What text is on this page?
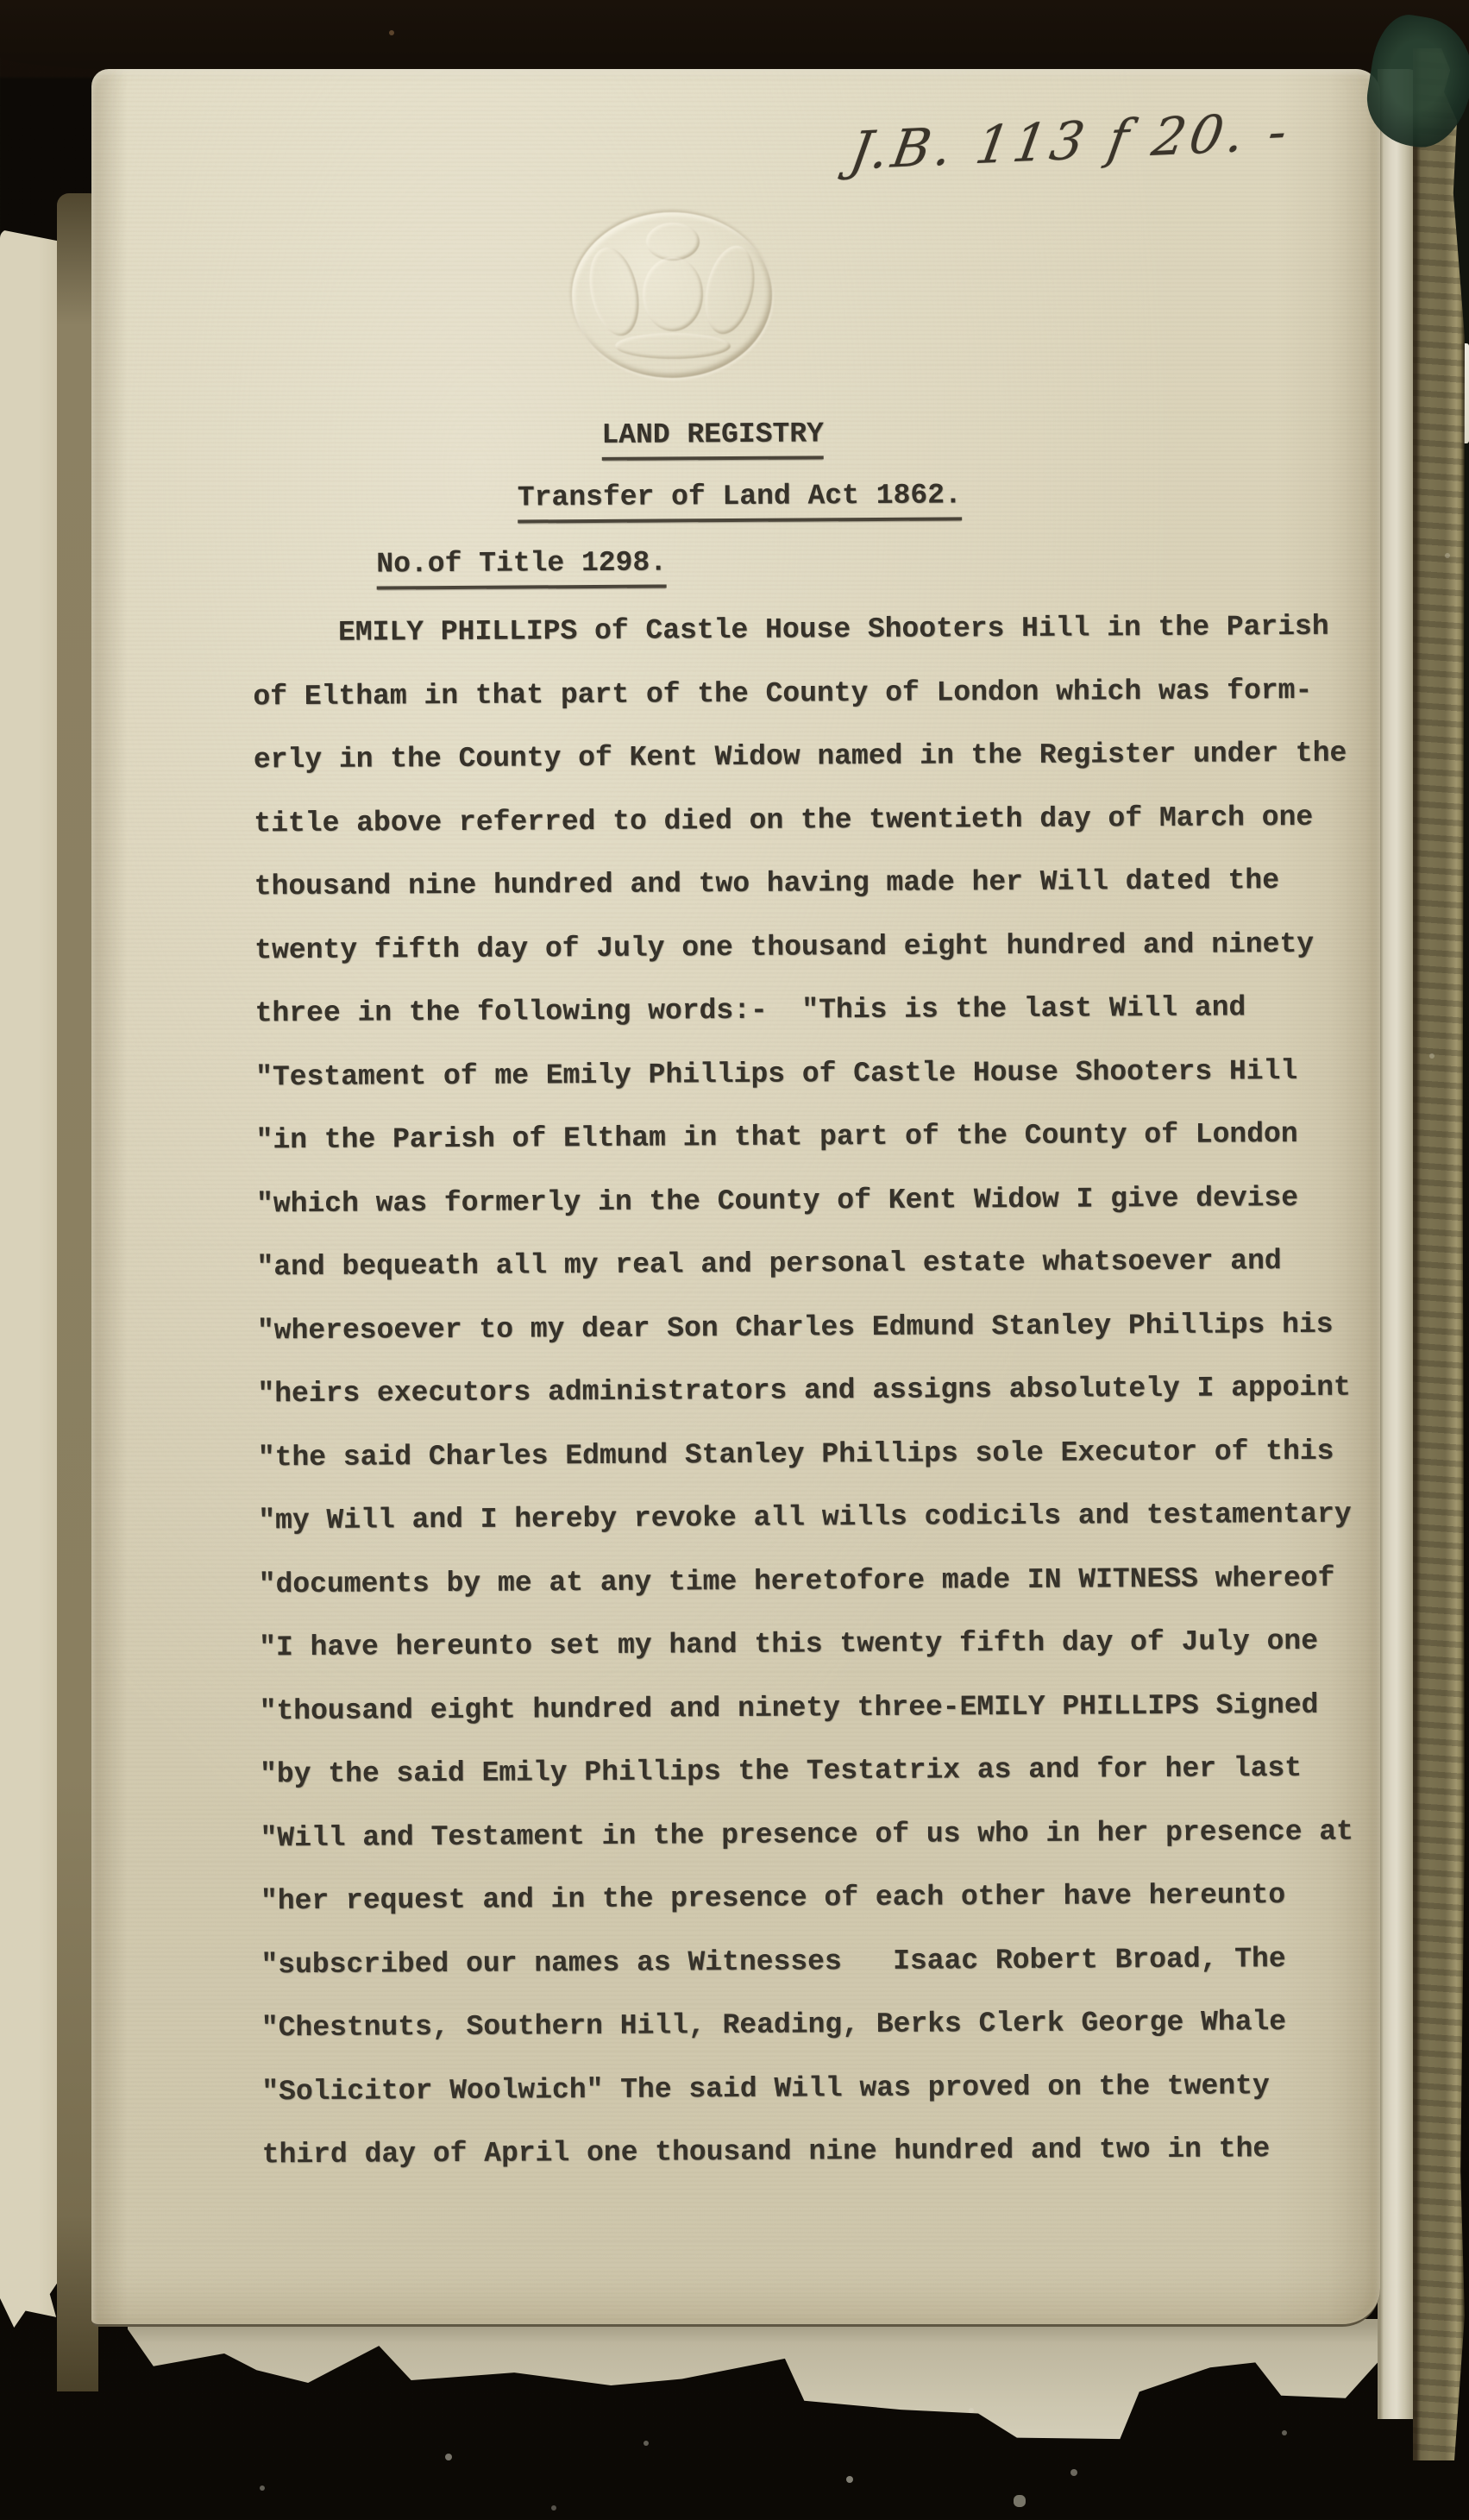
J.B. 113 f 20. -

LAND REGISTRY

Transfer of Land Act 1862.

No.of Title 1298.

EMILY PHILLIPS of Castle House Shooters Hill in the Parish
of Eltham in that part of the County of London which was form-
erly in the County of Kent Widow named in the Register under the
title above referred to died on the twentieth day of March one
thousand nine hundred and two having made her Will dated the
twenty fifth day of July one thousand eight hundred and ninety
three in the following words:-  "This is the last Will and
"Testament of me Emily Phillips of Castle House Shooters Hill
"in the Parish of Eltham in that part of the County of London
"which was formerly in the County of Kent Widow I give devise
"and bequeath all my real and personal estate whatsoever and
"wheresoever to my dear Son Charles Edmund Stanley Phillips his
"heirs executors administrators and assigns absolutely I appoint
"the said Charles Edmund Stanley Phillips sole Executor of this
"my Will and I hereby revoke all wills codicils and testamentary
"documents by me at any time heretofore made IN WITNESS whereof
"I have hereunto set my hand this twenty fifth day of July one
"thousand eight hundred and ninety three-EMILY PHILLIPS Signed
"by the said Emily Phillips the Testatrix as and for her last
"Will and Testament in the presence of us who in her presence at
"her request and in the presence of each other have hereunto
"subscribed our names as Witnesses   Isaac Robert Broad, The
"Chestnuts, Southern Hill, Reading, Berks Clerk George Whale
"Solicitor Woolwich" The said Will was proved on the twenty
third day of April one thousand nine hundred and two in the
